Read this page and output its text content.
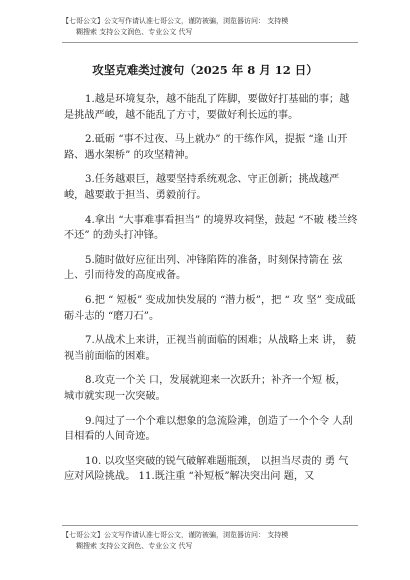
【七哥公文】公文写作请认准七哥公文，谨防被骗，浏览器访问： 支持模
糊搜索 支持公文润色、专业公文 代写
攻坚克难类过渡句（2025 年 8 月 12 日）

1.越是环境复杂，越不能乱了阵脚，要做好打基础的事；越是挑战严峻，越不能乱了方寸，要做好利长远的事。

2.砥砺 “事不过夜、马上就办” 的干练作风，提振 “逢 山开路、遇水架桥” 的攻坚精神。

3.任务越艰巨，越要坚持系统观念、守正创新；挑战越严峻，越要敢于担当、勇毅前行。

4.拿出 “大事难事看担当” 的境界攻祠堡，鼓起 “不破 楼兰终不还” 的劲头打冲锋。

5.随时做好应征出列、冲锋陷阵的准备，时刻保持箭在 弦上、引而待发的高度戒备。

6.把 “ 短板” 变成加快发展的 “潜力板”，把 “ 攻 坚” 变成砥砺斗志的 “磨刀石”。

7.从战术上来讲，正视当前面临的困难；从战略上来 讲， 藐视当前面临的困难。

8.攻克一个关 口，发展就迎来一次跃升；补齐一个短 板， 城市就实现一次突破。

9.闯过了一个个难以想象的急流险滩，创造了一个个令 人刮目相看的人间奇迹。

10. 以攻坚突破的锐气破解难题瓶颈， 以担当尽责的 勇 气应对风险挑战。 11.既注重 “补短板”解决突出问 题，又

【七哥公文】公文写作请认准七哥公文，谨防被骗，浏览器访问： 支持模
糊搜索 支持公文润色、专业公文 代写
